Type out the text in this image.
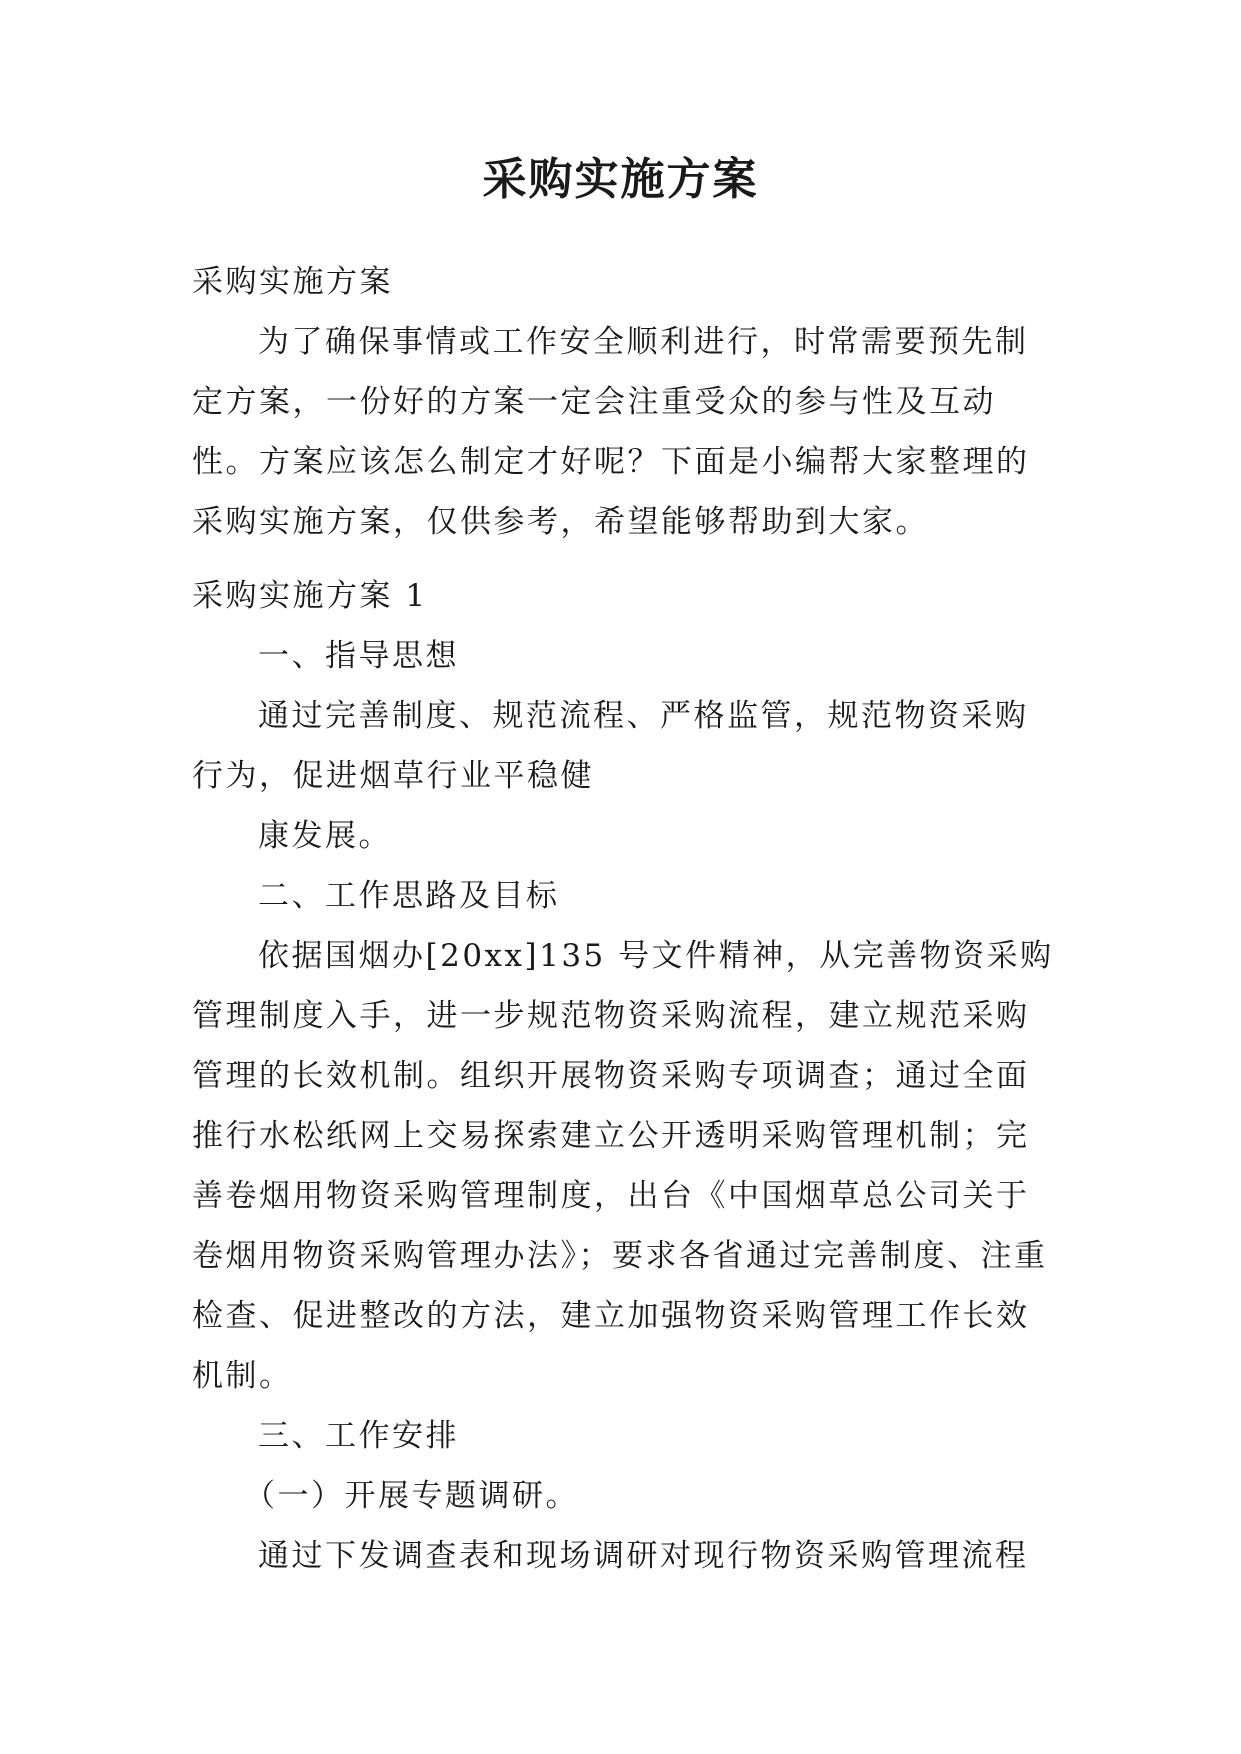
采购实施方案

采购实施方案

为了确保事情或工作安全顺利进行，时常需要预先制定方案，一份好的方案一定会注重受众的参与性及互动性。方案应该怎么制定才好呢？下面是小编帮大家整理的采购实施方案，仅供参考，希望能够帮助到大家。

采购实施方案 1

一、指导思想

通过完善制度、规范流程、严格监管，规范物资采购行为，促进烟草行业平稳健

康发展。

二、工作思路及目标

依据国烟办[20xx]135 号文件精神，从完善物资采购管理制度入手，进一步规范物资采购流程，建立规范采购管理的长效机制。组织开展物资采购专项调查；通过全面推行水松纸网上交易探索建立公开透明采购管理机制；完善卷烟用物资采购管理制度，出台《中国烟草总公司关于卷烟用物资采购管理办法》；要求各省通过完善制度、注重检查、促进整改的方法，建立加强物资采购管理工作长效机制。

三、工作安排

（一）开展专题调研。

通过下发调查表和现场调研对现行物资采购管理流程
